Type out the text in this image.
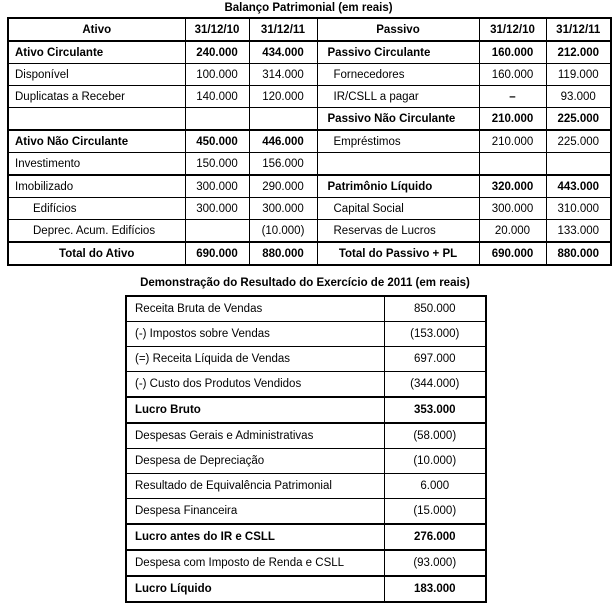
Balanço Patrimonial (em reais)
Ativo	31/12/10	31/12/11	Passivo	31/12/10	31/12/11
Ativo Circulante	240.000	434.000	Passivo Circulante	160.000	212.000
Disponível	100.000	314.000	Fornecedores	160.000	119.000
Duplicatas a Receber	140.000	120.000	IR/CSLL a pagar	–	93.000
			Passivo Não Circulante	210.000	225.000
Ativo Não Circulante	450.000	446.000	Empréstimos	210.000	225.000
Investimento	150.000	156.000			
Imobilizado	300.000	290.000	Patrimônio Líquido	320.000	443.000
Edifícios	300.000	300.000	Capital Social	300.000	310.000
Deprec. Acum. Edifícios		(10.000)	Reservas de Lucros	20.000	133.000
Total do Ativo	690.000	880.000	Total do Passivo + PL	690.000	880.000
Demonstração do Resultado do Exercício de 2011 (em reais)
Receita Bruta de Vendas	850.000
(-) Impostos sobre Vendas	(153.000)
(=) Receita Líquida de Vendas	697.000
(-) Custo dos Produtos Vendidos	(344.000)
Lucro Bruto	353.000
Despesas Gerais e Administrativas	(58.000)
Despesa de Depreciação	(10.000)
Resultado de Equivalência Patrimonial	6.000
Despesa Financeira	(15.000)
Lucro antes do IR e CSLL	276.000
Despesa com Imposto de Renda e CSLL	(93.000)
Lucro Líquido	183.000
